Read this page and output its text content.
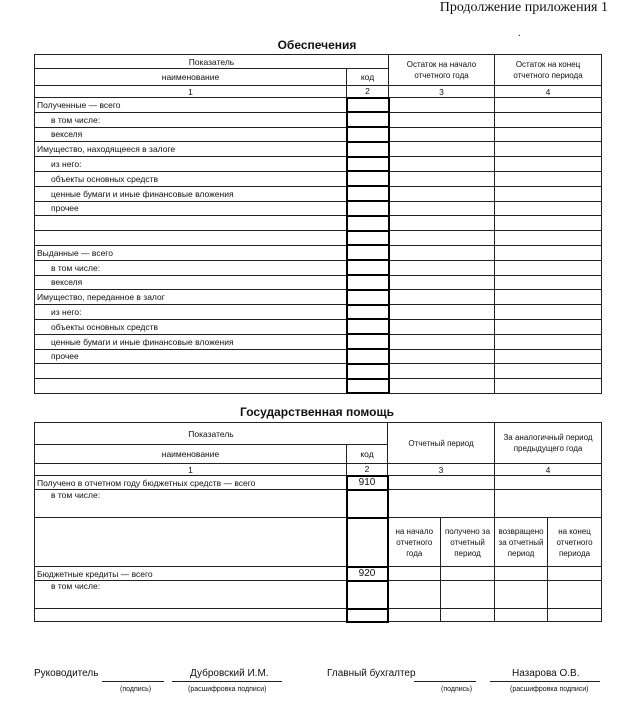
Продолжение приложения 1
.
Обеспечения
Показатель		Остаток на начало отчетного года	Остаток на конец отчетного периода
наименование	код		
1	2	3	4
Полученные — всего			
в том числе:			
векселя			
Имущество, находящееся в залоге			
из него:			
объекты основных средств			
ценные бумаги и иные финансовые вложения			
прочее			

Выданные — всего			
в том числе:			
векселя			
Имущество, переданное в залог			
из него:			
объекты основных средств			
ценные бумаги и иные финансовые вложения			
прочее			

Государственная помощь
Показатель		Отчетный период		За аналогичный период предыдущего года	
наименование	код				
1	2	3		4	
Получено в отчетном году бюджетных средств — всего	910				
в том числе:					
		на начало отчетного года	получено за отчетный период	возвращено за отчетный период	на конец отчетного периода
Бюджетные кредиты — всего	920				
в том числе:					

Руководитель	Дубровский И.М.
(подпись)	(расшифровка подписи)
Главный бухгалтер	Назарова О.В.
(подпись)	(расшифровка подписи)
